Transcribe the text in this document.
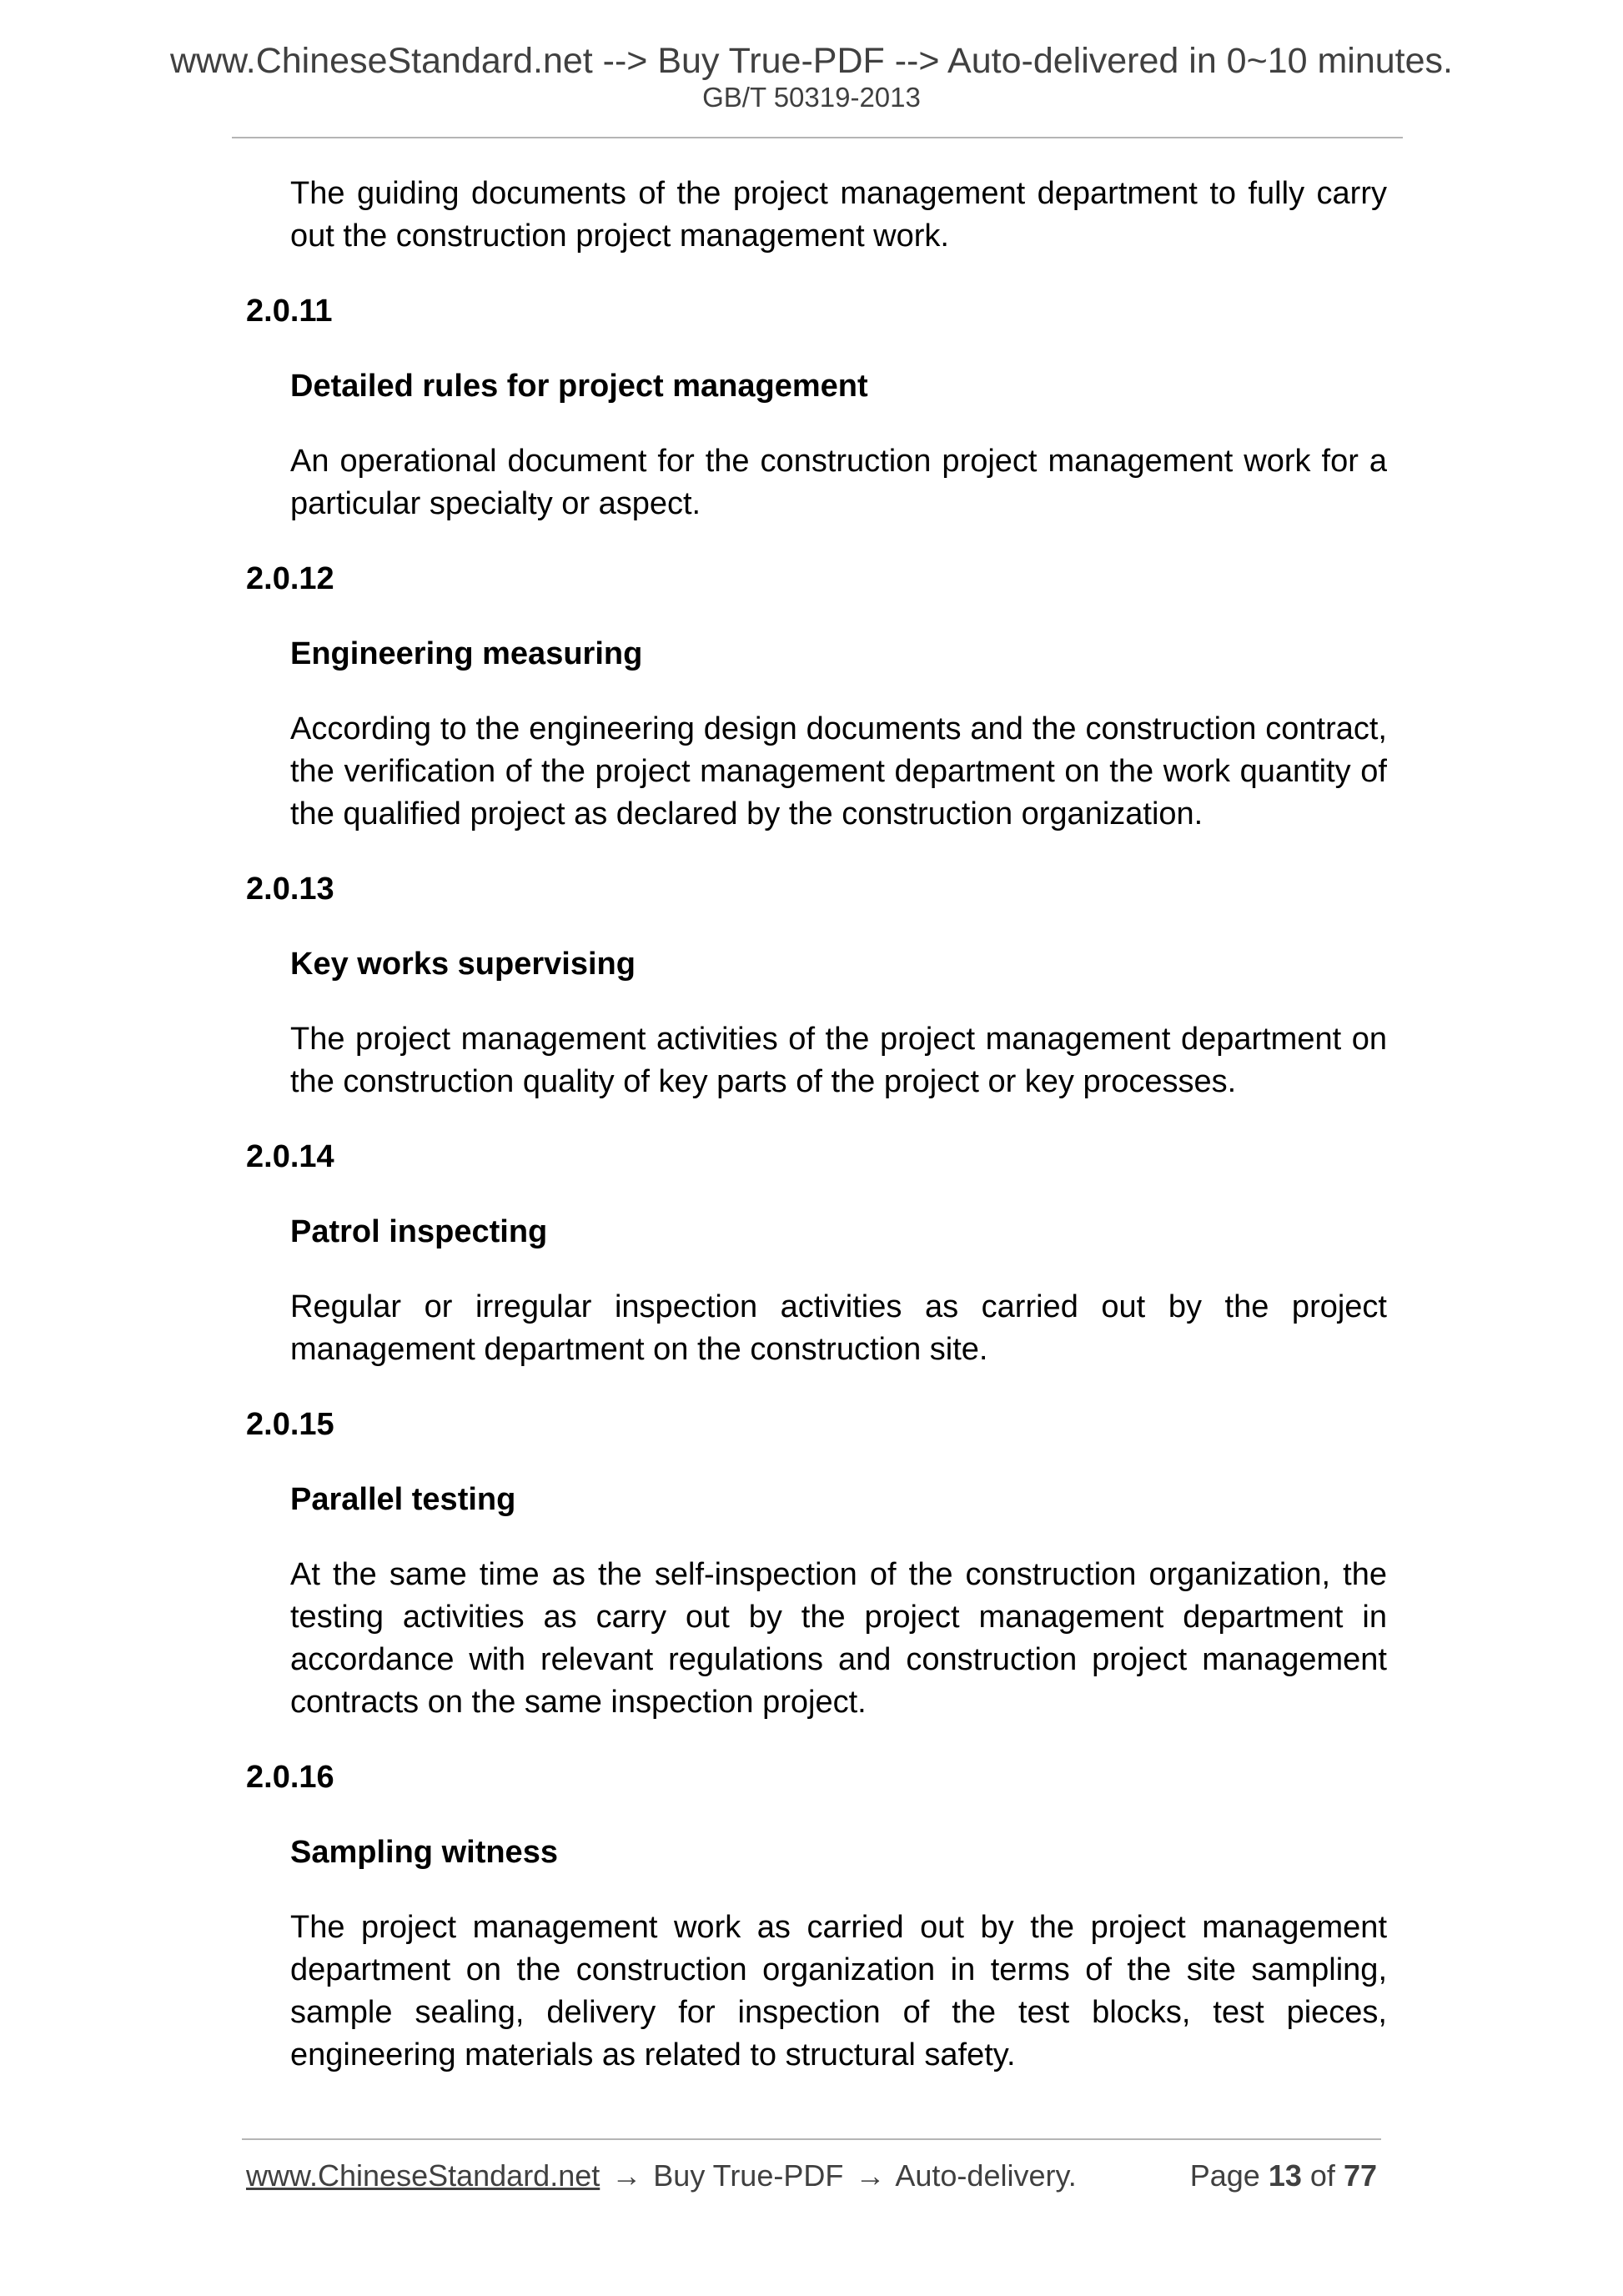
www.ChineseStandard.net --> Buy True-PDF --> Auto-delivered in 0~10 minutes.
GB/T 50319-2013

The guiding documents of the project management department to fully carry out the construction project management work.

2.0.11
Detailed rules for project management

An operational document for the construction project management work for a particular specialty or aspect.

2.0.12
Engineering measuring

According to the engineering design documents and the construction contract, the verification of the project management department on the work quantity of the qualified project as declared by the construction organization.

2.0.13
Key works supervising

The project management activities of the project management department on the construction quality of key parts of the project or key processes.

2.0.14
Patrol inspecting

Regular or irregular inspection activities as carried out by the project management department on the construction site.

2.0.15
Parallel testing

At the same time as the self-inspection of the construction organization, the testing activities as carry out by the project management department in accordance with relevant regulations and construction project management contracts on the same inspection project.

2.0.16
Sampling witness

The project management work as carried out by the project management department on the construction organization in terms of the site sampling, sample sealing, delivery for inspection of the test blocks, test pieces, engineering materials as related to structural safety.

www.ChineseStandard.net → Buy True-PDF → Auto-delivery.	Page 13 of 77
